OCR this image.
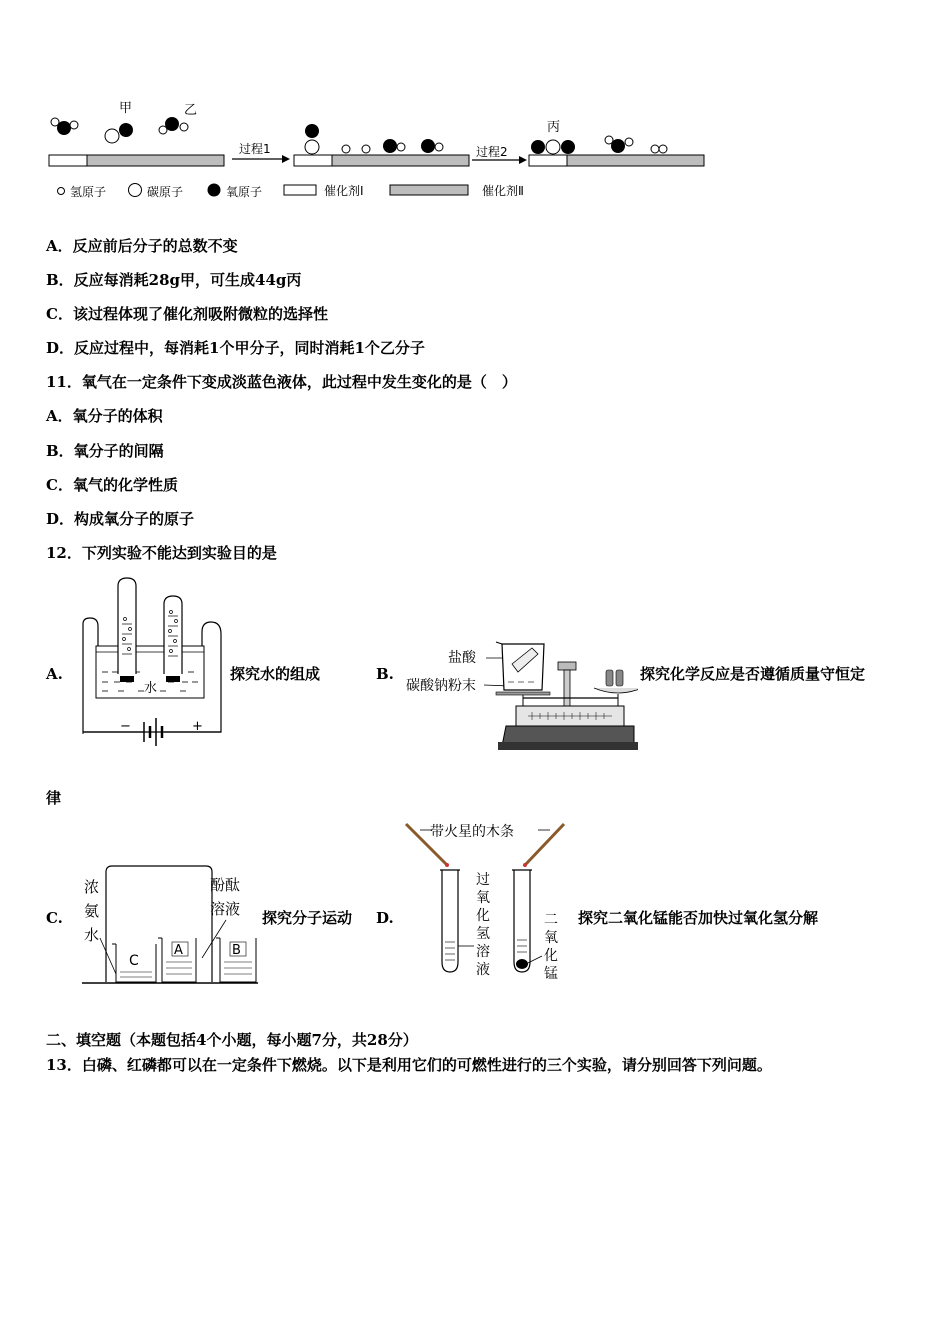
甲	乙
丙
过程1	过程2
氢原子	碳原子	氧原子	催化剂Ⅰ	催化剂Ⅱ
A．反应前后分子的总数不变
B．反应每消耗28g甲，可生成44g丙
C．该过程体现了催化剂吸附微粒的选择性
D．反应过程中，每消耗1个甲分子，同时消耗1个乙分子
11．氧气在一定条件下变成淡蓝色液体，此过程中发生变化的是（　）
A．氧分子的体积
B．氧分子的间隔
C．氧气的化学性质
D．构成氧分子的原子
12．下列实验不能达到实验目的是
A.
水
−	+
探究水的组成	B.
盐酸
碳酸钠粉末
探究化学反应是否遵循质量守恒定
律
C.
浓
氨
水
酚酞
溶液
C
A	B
探究分子运动 D.
带火星的木条
过
氧
化
氢
溶
液
二
氧
化
锰
探究二氧化锰能否加快过氧化氢分解
二、填空题（本题包括4个小题，每小题7分，共28分）
13．白磷、红磷都可以在一定条件下燃烧。以下是利用它们的可燃性进行的三个实验，请分别回答下列问题。
